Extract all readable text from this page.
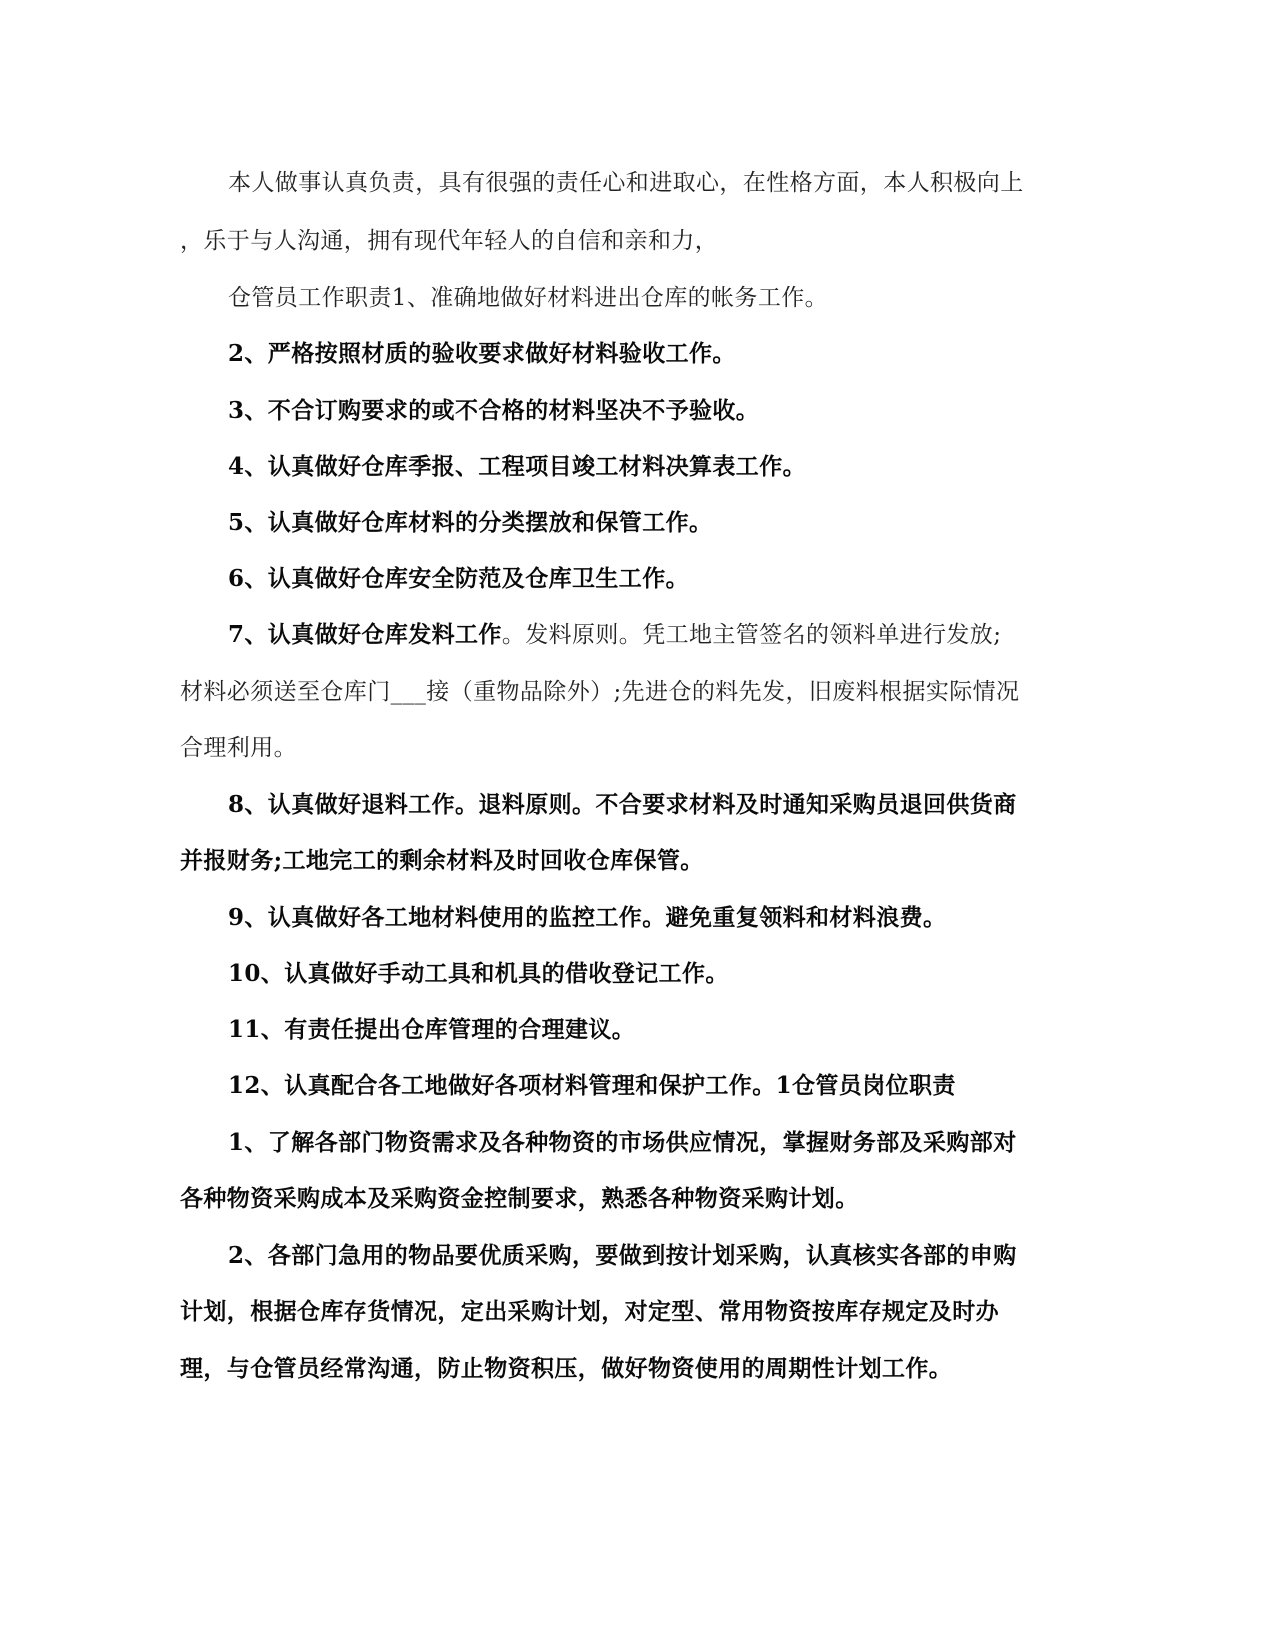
本人做事认真负责，具有很强的责任心和进取心，在性格方面，本人积极向上
，乐于与人沟通，拥有现代年轻人的自信和亲和力，
仓管员工作职责1、准确地做好材料进出仓库的帐务工作。
2、严格按照材质的验收要求做好材料验收工作。
3、不合订购要求的或不合格的材料坚决不予验收。
4、认真做好仓库季报、工程项目竣工材料决算表工作。
5、认真做好仓库材料的分类摆放和保管工作。
6、认真做好仓库安全防范及仓库卫生工作。
7、认真做好仓库发料工作。发料原则。凭工地主管签名的领料单进行发放;
材料必须送至仓库门___接（重物品除外）;先进仓的料先发，旧废料根据实际情况
合理利用。
8、认真做好退料工作。退料原则。不合要求材料及时通知采购员退回供货商
并报财务;工地完工的剩余材料及时回收仓库保管。
9、认真做好各工地材料使用的监控工作。避免重复领料和材料浪费。
10、认真做好手动工具和机具的借收登记工作。
11、有责任提出仓库管理的合理建议。
12、认真配合各工地做好各项材料管理和保护工作。1仓管员岗位职责
1、了解各部门物资需求及各种物资的市场供应情况，掌握财务部及采购部对
各种物资采购成本及采购资金控制要求，熟悉各种物资采购计划。
2、各部门急用的物品要优质采购，要做到按计划采购，认真核实各部的申购
计划，根据仓库存货情况，定出采购计划，对定型、常用物资按库存规定及时办
理，与仓管员经常沟通，防止物资积压，做好物资使用的周期性计划工作。
